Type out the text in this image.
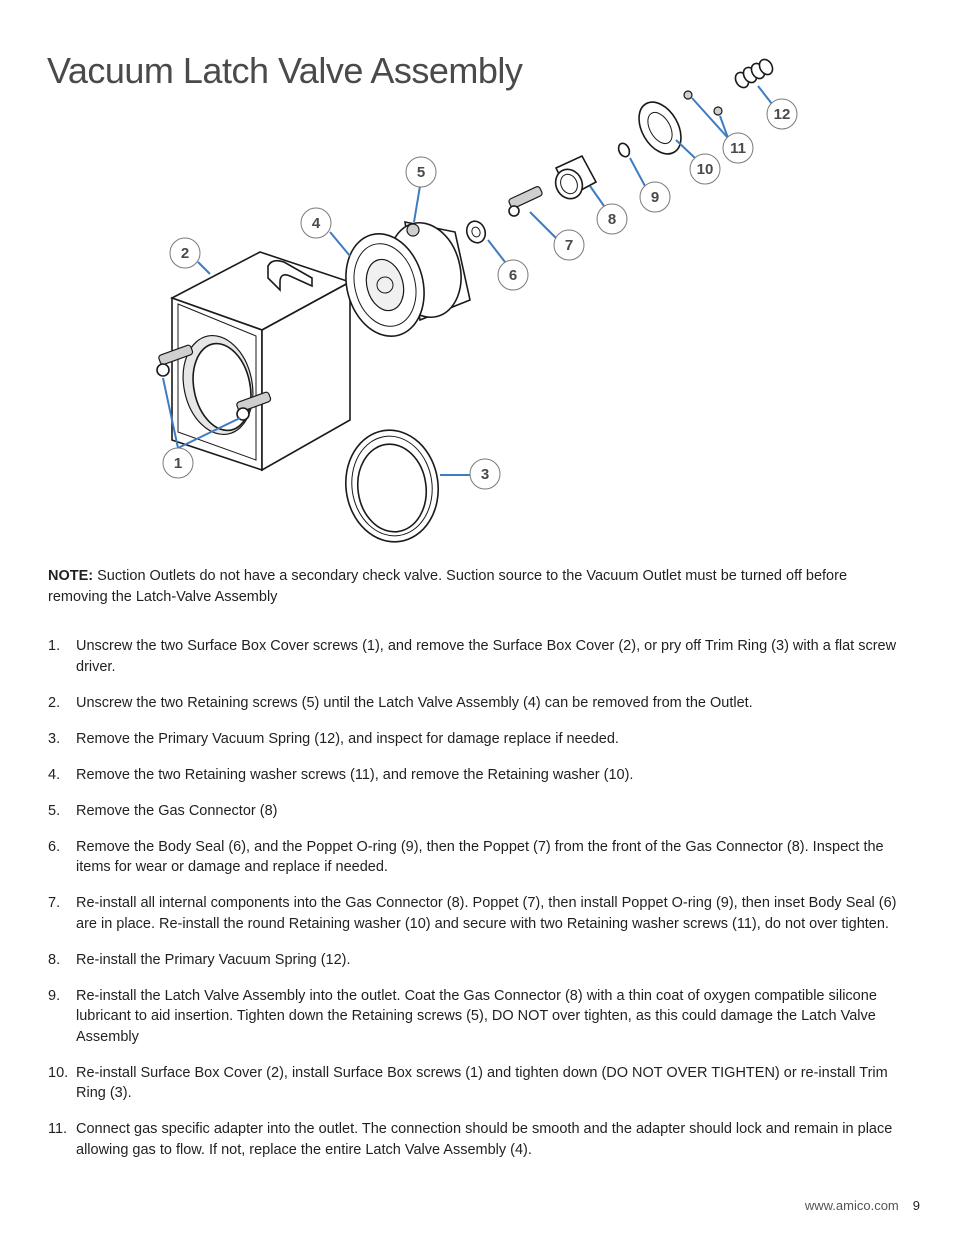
Vacuum Latch Valve Assembly
1
2
3
4
5
6
7
8
9
10
11
12

NOTE: Suction Outlets do not have a secondary check valve. Suction source to the Vacuum Outlet must be turned off before removing the Latch-Valve Assembly

1.	Unscrew the two Surface Box Cover screws (1), and remove the Surface Box Cover (2), or pry off Trim Ring (3) with a flat screw driver.
2.	Unscrew the two Retaining screws (5) until the Latch Valve Assembly (4) can be removed from the Outlet.
3.	Remove the Primary Vacuum Spring (12), and inspect for damage replace if needed.
4.	Remove the two Retaining washer screws (11), and remove the Retaining washer (10).
5.	Remove the Gas Connector (8)
6.	Remove the Body Seal (6), and the Poppet O-ring (9), then the Poppet (7) from the front of the Gas Connector (8). Inspect the items for wear or damage and replace if needed.
7.	Re-install all internal components into the Gas Connector (8). Poppet (7), then install Poppet O-ring (9), then inset Body Seal (6) are in place. Re-install the round Retaining washer (10) and secure with two Retaining washer screws (11), do not over tighten.
8.	Re-install the Primary Vacuum Spring (12).
9.	Re-install the Latch Valve Assembly into the outlet. Coat the Gas Connector (8) with a thin coat of oxygen compatible silicone lubricant to aid insertion. Tighten down the Retaining screws (5), DO NOT over tighten, as this could damage the Latch Valve Assembly
10. Re-install Surface Box Cover (2), install Surface Box screws (1) and tighten down (DO NOT OVER TIGHTEN) or re-install Trim Ring (3).
11. Connect gas specific adapter into the outlet. The connection should be smooth and the adapter should lock and remain in place allowing gas to flow. If not, replace the entire Latch Valve Assembly (4).
www.amico.com 9
